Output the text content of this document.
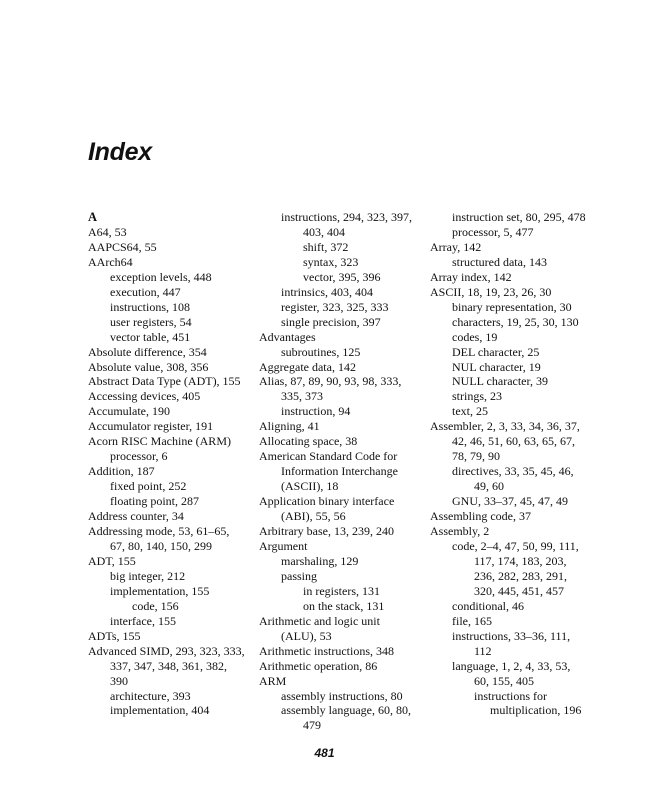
Index
A
A64, 53
AAPCS64, 55
AArch64
exception levels, 448
execution, 447
instructions, 108
user registers, 54
vector table, 451
Absolute difference, 354
Absolute value, 308, 356
Abstract Data Type (ADT), 155
Accessing devices, 405
Accumulate, 190
Accumulator register, 191
Acorn RISC Machine (ARM)
processor, 6
Addition, 187
fixed point, 252
floating point, 287
Address counter, 34
Addressing mode, 53, 61–65,
67, 80, 140, 150, 299
ADT, 155
big integer, 212
implementation, 155
code, 156
interface, 155
ADTs, 155
Advanced SIMD, 293, 323, 333,
337, 347, 348, 361, 382,
390
architecture, 393
implementation, 404
instructions, 294, 323, 397,
403, 404
shift, 372
syntax, 323
vector, 395, 396
intrinsics, 403, 404
register, 323, 325, 333
single precision, 397
Advantages
subroutines, 125
Aggregate data, 142
Alias, 87, 89, 90, 93, 98, 333,
335, 373
instruction, 94
Aligning, 41
Allocating space, 38
American Standard Code for
Information Interchange
(ASCII), 18
Application binary interface
(ABI), 55, 56
Arbitrary base, 13, 239, 240
Argument
marshaling, 129
passing
in registers, 131
on the stack, 131
Arithmetic and logic unit
(ALU), 53
Arithmetic instructions, 348
Arithmetic operation, 86
ARM
assembly instructions, 80
assembly language, 60, 80,
479
instruction set, 80, 295, 478
processor, 5, 477
Array, 142
structured data, 143
Array index, 142
ASCII, 18, 19, 23, 26, 30
binary representation, 30
characters, 19, 25, 30, 130
codes, 19
DEL character, 25
NUL character, 19
NULL character, 39
strings, 23
text, 25
Assembler, 2, 3, 33, 34, 36, 37,
42, 46, 51, 60, 63, 65, 67,
78, 79, 90
directives, 33, 35, 45, 46,
49, 60
GNU, 33–37, 45, 47, 49
Assembling code, 37
Assembly, 2
code, 2–4, 47, 50, 99, 111,
117, 174, 183, 203,
236, 282, 283, 291,
320, 445, 451, 457
conditional, 46
file, 165
instructions, 33–36, 111,
112
language, 1, 2, 4, 33, 53,
60, 155, 405
instructions for
multiplication, 196
481
